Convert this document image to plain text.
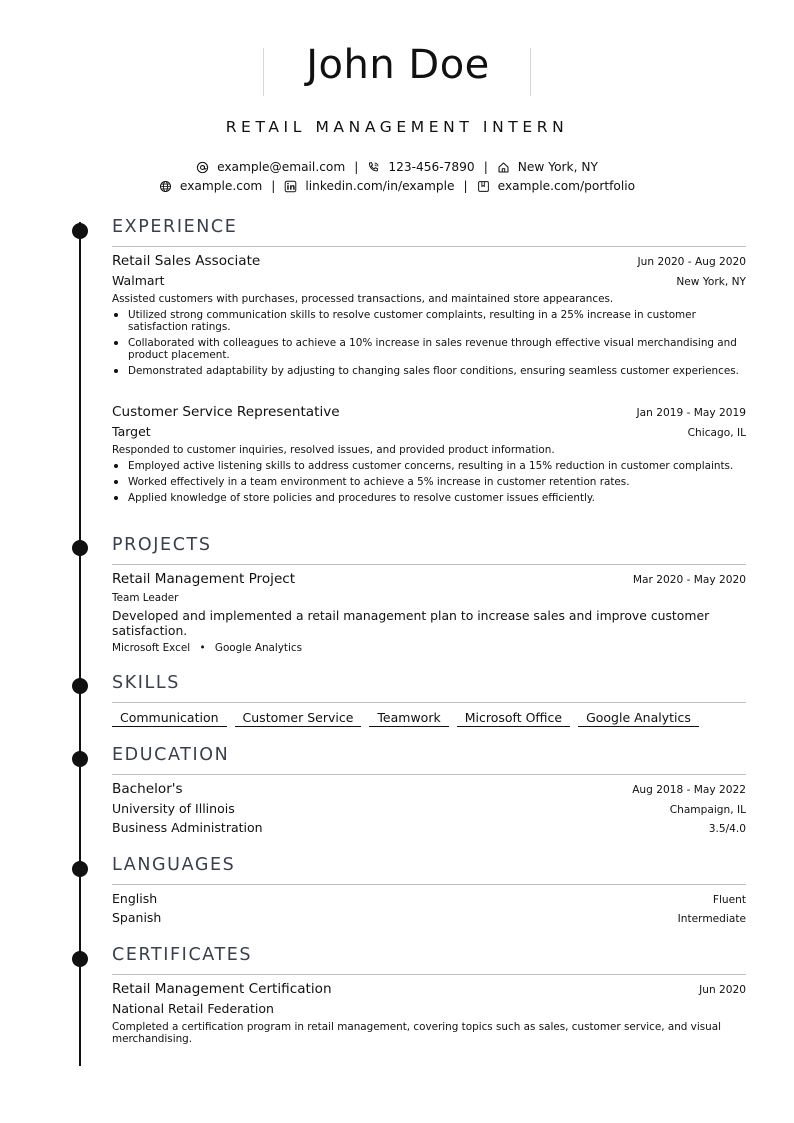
John Doe
RETAIL MANAGEMENT INTERN
example@email.com | 123-456-7890 | New York, NY
example.com | linkedin.com/in/example | example.com/portfolio
EXPERIENCE
Retail Sales Associate	Jun 2020 - Aug 2020
Walmart	New York, NY
Assisted customers with purchases, processed transactions, and maintained store appearances.
Utilized strong communication skills to resolve customer complaints, resulting in a 25% increase in customer satisfaction ratings.
Collaborated with colleagues to achieve a 10% increase in sales revenue through effective visual merchandising and product placement.
Demonstrated adaptability by adjusting to changing sales floor conditions, ensuring seamless customer experiences.
Customer Service Representative	Jan 2019 - May 2019
Target	Chicago, IL
Responded to customer inquiries, resolved issues, and provided product information.
Employed active listening skills to address customer concerns, resulting in a 15% reduction in customer complaints.
Worked effectively in a team environment to achieve a 5% increase in customer retention rates.
Applied knowledge of store policies and procedures to resolve customer issues efficiently.
PROJECTS
Retail Management Project	Mar 2020 - May 2020
Team Leader
Developed and implemented a retail management plan to increase sales and improve customer satisfaction.
Microsoft Excel • Google Analytics
SKILLS
Communication	Customer Service	Teamwork	Microsoft Office	Google Analytics
EDUCATION
Bachelor's	Aug 2018 - May 2022
University of Illinois	Champaign, IL
Business Administration	3.5/4.0
LANGUAGES
English	Fluent
Spanish	Intermediate
CERTIFICATES
Retail Management Certification	Jun 2020
National Retail Federation
Completed a certification program in retail management, covering topics such as sales, customer service, and visual merchandising.
